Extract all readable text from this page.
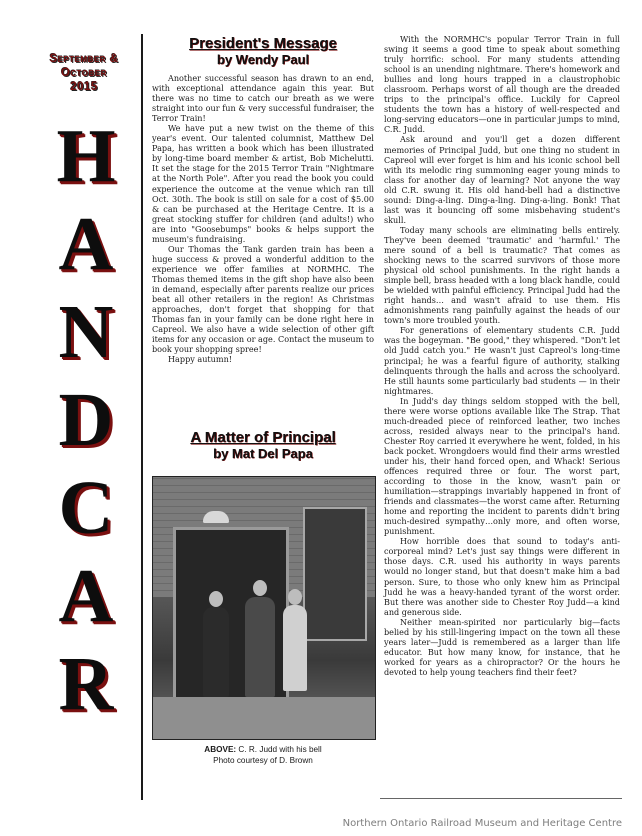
September &
October
2015
H
A
N
D
C
A
R
President's Message
by Wendy Paul

Another successful season has drawn to an end, with exceptional attendance again this year. But there was no time to catch our breath as we were straight into our fun & very successful fundraiser, the Terror Train!

We have put a new twist on the theme of this year's event. Our talented columnist, Matthew Del Papa, has written a book which has been illustrated by long-time board member & artist, Bob Michelutti. It set the stage for the 2015 Terror Train "Nightmare at the North Pole". After you read the book you could experience the outcome at the venue which ran till Oct. 30th. The book is still on sale for a cost of $5.00 & can be purchased at the Heritage Centre. It is a great stocking stuffer for children (and adults!) who are into "Goosebumps" books & helps support the museum's fundraising.

Our Thomas the Tank garden train has been a huge success & proved a wonderful addition to the experience we offer families at NORMHC. The Thomas themed items in the gift shop have also been in demand, especially after parents realize our prices beat all other retailers in the region! As Christmas approaches, don't forget that shopping for that Thomas fan in your family can be done right here in Capreol. We also have a wide selection of other gift items for any occasion or age. Contact the museum to book your shopping spree!

Happy autumn!

A Matter of Principal
by Mat Del Papa
ABOVE: C. R. Judd with his bell
Photo courtesy of D. Brown

With the NORMHC's popular Terror Train in full swing it seems a good time to speak about something truly horrific: school. For many students attending school is an unending nightmare. There's homework and bullies and long hours trapped in a claustrophobic classroom. Perhaps worst of all though are the dreaded trips to the principal's office. Luckily for Capreol students the town has a history of well-respected and long-serving educators—one in particular jumps to mind, C.R. Judd.

Ask around and you'll get a dozen different memories of Principal Judd, but one thing no student in Capreol will ever forget is him and his iconic school bell with its melodic ring summoning eager young minds to class for another day of learning? Not anyone the way old C.R. swung it. His old hand-bell had a distinctive sound: Ding-a-ling. Ding-a-ling. Ding-a-ling. Bonk! That last was it bouncing off some misbehaving student's skull.

Today many schools are eliminating bells entirely. They've been deemed 'traumatic' and 'harmful.' The mere sound of a bell is traumatic? That comes as shocking news to the scarred survivors of those more physical old school punishments. In the right hands a simple bell, brass headed with a long black handle, could be wielded with painful efficiency. Principal Judd had the right hands… and wasn't afraid to use them. His admonishments rang painfully against the heads of our town's more troubled youth.

For generations of elementary students C.R. Judd was the bogeyman. "Be good," they whispered. "Don't let old Judd catch you." He wasn't just Capreol's long-time principal; he was a fearful figure of authority, stalking delinquents through the halls and across the schoolyard. He still haunts some particularly bad students — in their nightmares.

In Judd's day things seldom stopped with the bell, there were worse options available like The Strap. That much-dreaded piece of reinforced leather, two inches across, resided always near to the principal's hand. Chester Roy carried it everywhere he went, folded, in his back pocket. Wrongdoers would find their arms wrestled under his, their hand forced open, and Whack! Serious offences required three or four. The worst part, according to those in the know, wasn't pain or humiliation—strappings invariably happened in front of friends and classmates—the worst came after. Returning home and reporting the incident to parents didn't bring much-desired sympathy…only more, and often worse, punishment.

How horrible does that sound to today's anti-corporeal mind? Let's just say things were different in those days. C.R. used his authority in ways parents would no longer stand, but that doesn't make him a bad person. Sure, to those who only knew him as Principal Judd he was a heavy-handed tyrant of the worst order. But there was another side to Chester Roy Judd—a kind and generous side.

Neither mean-spirited nor particularly big—facts belied by his still-lingering impact on the town all these years later—Judd is remembered as a larger than life educator. But how many know, for instance, that he worked for years as a chiropractor? Or the hours he devoted to help young teachers find their feet?

Northern Ontario Railroad Museum and Heritage Centre
